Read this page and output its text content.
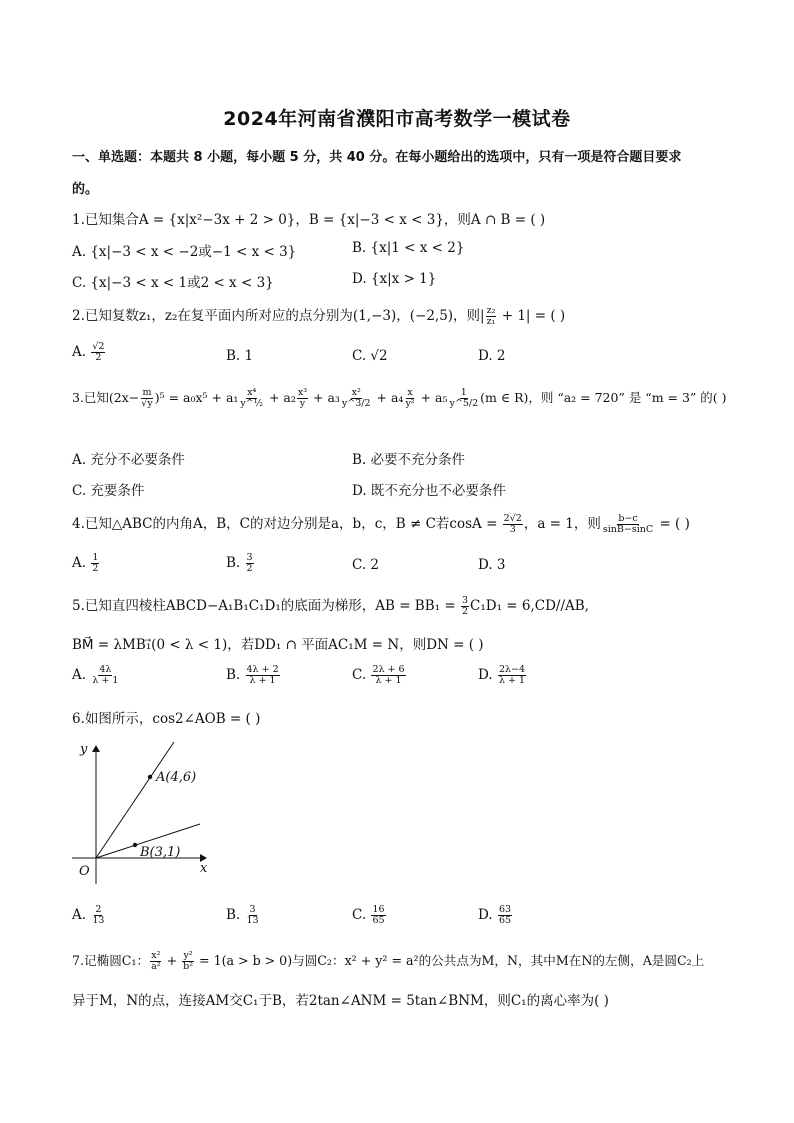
2024年河南省濮阳市高考数学一模试卷
一、单选题：本题共 8 小题，每小题 5 分，共 40 分。在每小题给出的选项中，只有一项是符合题目要求
的。
1.已知集合A = {x|x²−3x + 2 > 0}，B = {x|−3 < x < 3}，则A ∩ B = ( )
A. {x|−3 < x < −2或−1 < x < 3}	B. {x|1 < x < 2}
C. {x|−3 < x < 1或2 < x < 3}	D. {x|x > 1}
2.已知复数z₁，z₂在复平面内所对应的点分别为(1,−3)，(−2,5)，则| $\frac{\text{z₂}}{\text{z₁}} + 1|$ = ( )
A. $\frac{√2}{2}$	B. 1	C. √2	D. 2
3.已知$(2x- \frac{m}{√y} )^5 = a_0x^5 + a_1 \frac{\text{x⁴}}{\text{y\textasciicircum{}½}} + a_2 \frac{\text{x³}}{y} + a_3 \frac{\text{x²}}{y\^{}3/2} + a_4 \frac{x}{\text{y²}} + a_5 \frac{1}{y\^{}5/2} (m$ ∈ R)，则 “a₂ = 720” 是 “m = 3” 的( )
A. 充分不必要条件	B. 必要不充分条件
C. 充要条件	D. 既不充分也不必要条件
4.已知△ABC的内角A，B，C的对边分别是a，b，c，B ≠ C若$\cos A = \frac{2√2}{3}$ ，a = 1，则 $\frac{b-c}{\sin B-\sin C}$ = ( )
A. $\frac{1}{2}$	B. $\frac{3}{2}$	C. 2	D. 3
5.已知直四棱柱ABCD−A₁B₁C₁D₁的底面为梯形，AB = $BB_1 = \frac{3}{2} C_1D_1 = 6,CD//AB$,
BM⃗ = λMB₁⃗(0 < λ < 1)，若DD₁ ∩ 平面AC₁M = N，则DN = ( )
A. $\frac{4\lambda}{\lambda + 1}$	B. $\frac{4\lambda + 2}{\lambda + 1}$	C. $\frac{2\lambda + 6}{\lambda + 1}$	D. $\frac{2\lambda-4}{\lambda + 1}$
6.如图所示，cos2∠AOB = ( )
y
x
O
A(4,6)
B(3,1)
A. $\frac{2}{13}$	B. $\frac{3}{13}$	C. $\frac{16}{65}$	D. $\frac{63}{65}$
7.记椭圆C₁： $\frac{\text{x²}}{\text{a²}} + \frac{\text{y²}}{\text{b²}} = 1(a > b > 0)$与圆C₂：x² + y² = a²的公共点为M，N，其中M在N的左侧，A是圆C₂上
异于M，N的点，连接AM交C₁于B，若2tan∠ANM = 5tan∠BNM，则C₁的离心率为( )
